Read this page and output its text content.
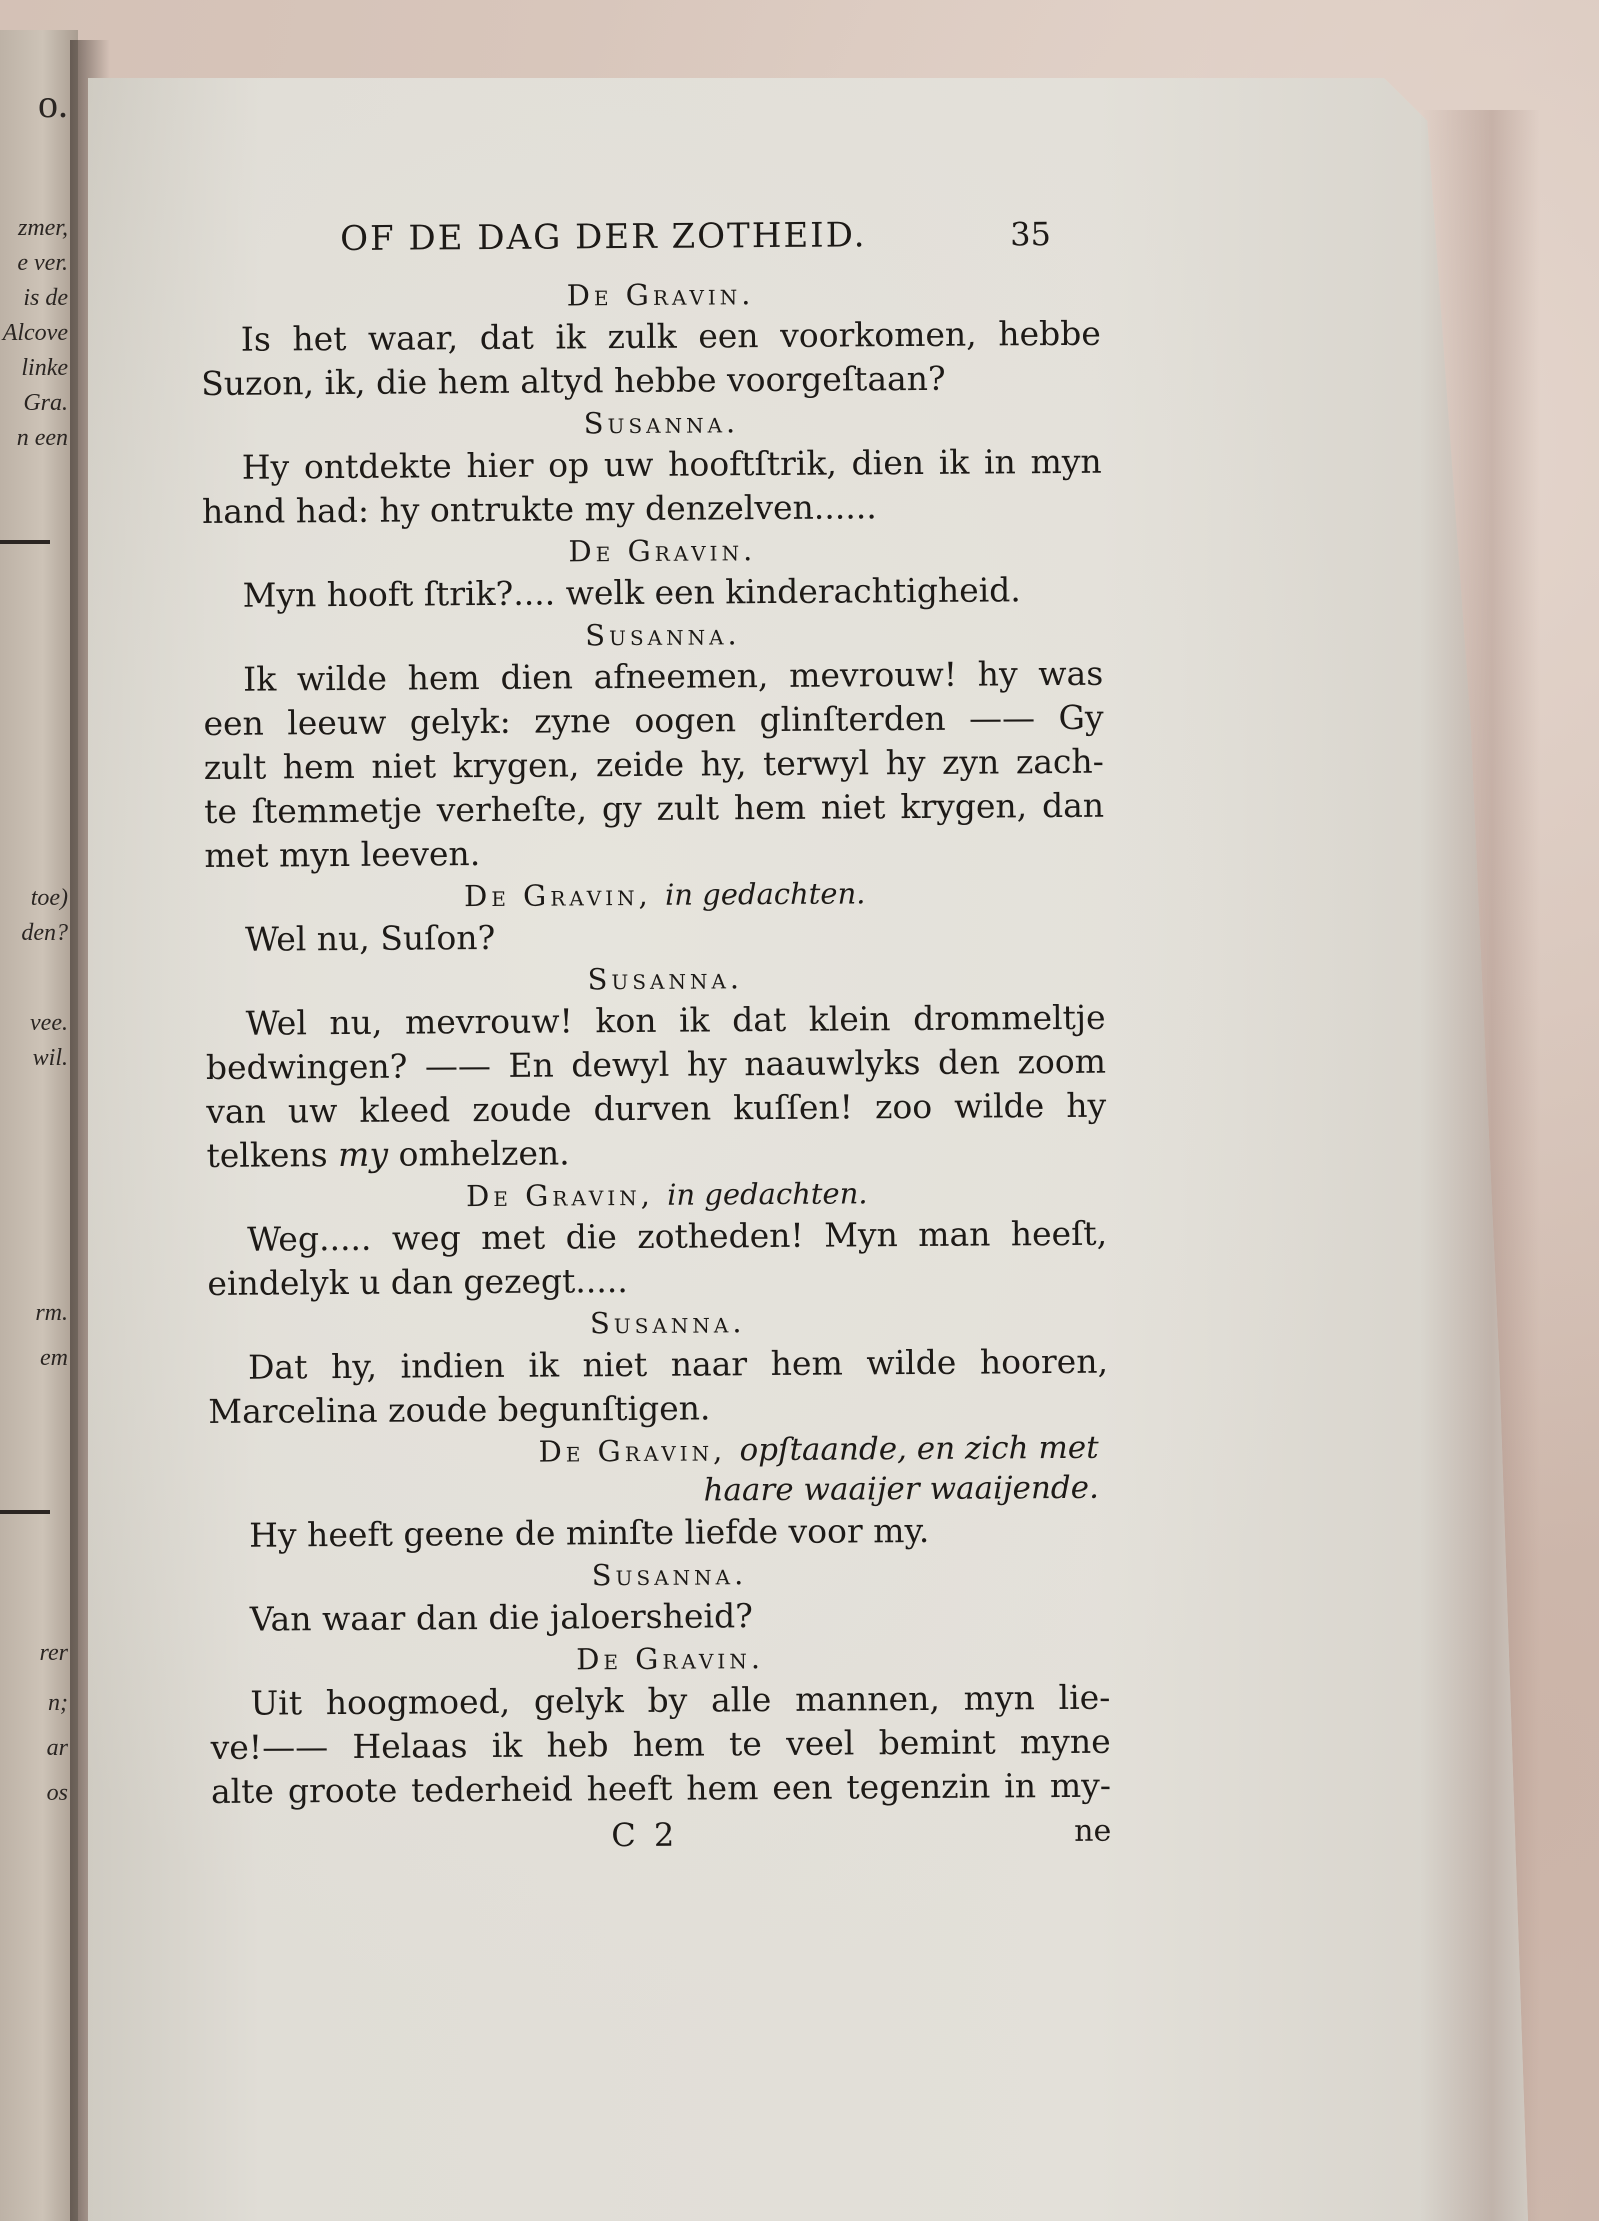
o.
zmer,
e ver.
is de
Alcove
linke
Gra.
n een
toe)
den?
vee.
wil.
rm.
em
rer
n;
ar
os
OF DE DAG DER ZOTHEID.	35
De Gravin.
Is het waar, dat ik zulk een voorkomen, hebbe
Suzon, ik, die hem altyd hebbe voorgeſtaan?
Susanna.
Hy ontdekte hier op uw hooftſtrik, dien ik in myn
hand had: hy ontrukte my denzelven......
De Gravin.
Myn hooft ſtrik?.... welk een kinderachtigheid.
Susanna.
Ik wilde hem dien afneemen, mevrouw! hy was
een leeuw gelyk: zyne oogen glinſterden —— Gy
zult hem niet krygen, zeide hy, terwyl hy zyn zach-
te ſtemmetje verheſte, gy zult hem niet krygen, dan
met myn leeven.
De Gravin, in gedachten.
Wel nu, Suſon?
Susanna.
Wel nu, mevrouw! kon ik dat klein drommeltje
bedwingen? —— En dewyl hy naauwlyks den zoom
van uw kleed zoude durven kuſſen! zoo wilde hy
telkens my omhelzen.
De Gravin, in gedachten.
Weg..... weg met die zotheden! Myn man heeſt,
eindelyk u dan gezegt.....
Susanna.
Dat hy, indien ik niet naar hem wilde hooren,
Marcelina zoude begunſtigen.
De Gravin, opſtaande, en zich met
haare waaijer waaijende.
Hy heeft geene de minſte liefde voor my.
Susanna.
Van waar dan die jaloersheid?
De Gravin.
Uit hoogmoed, gelyk by alle mannen, myn lie-
ve!—— Helaas ik heb hem te veel bemint myne
alte groote tederheid heeft hem een tegenzin in my-
C 2	ne
